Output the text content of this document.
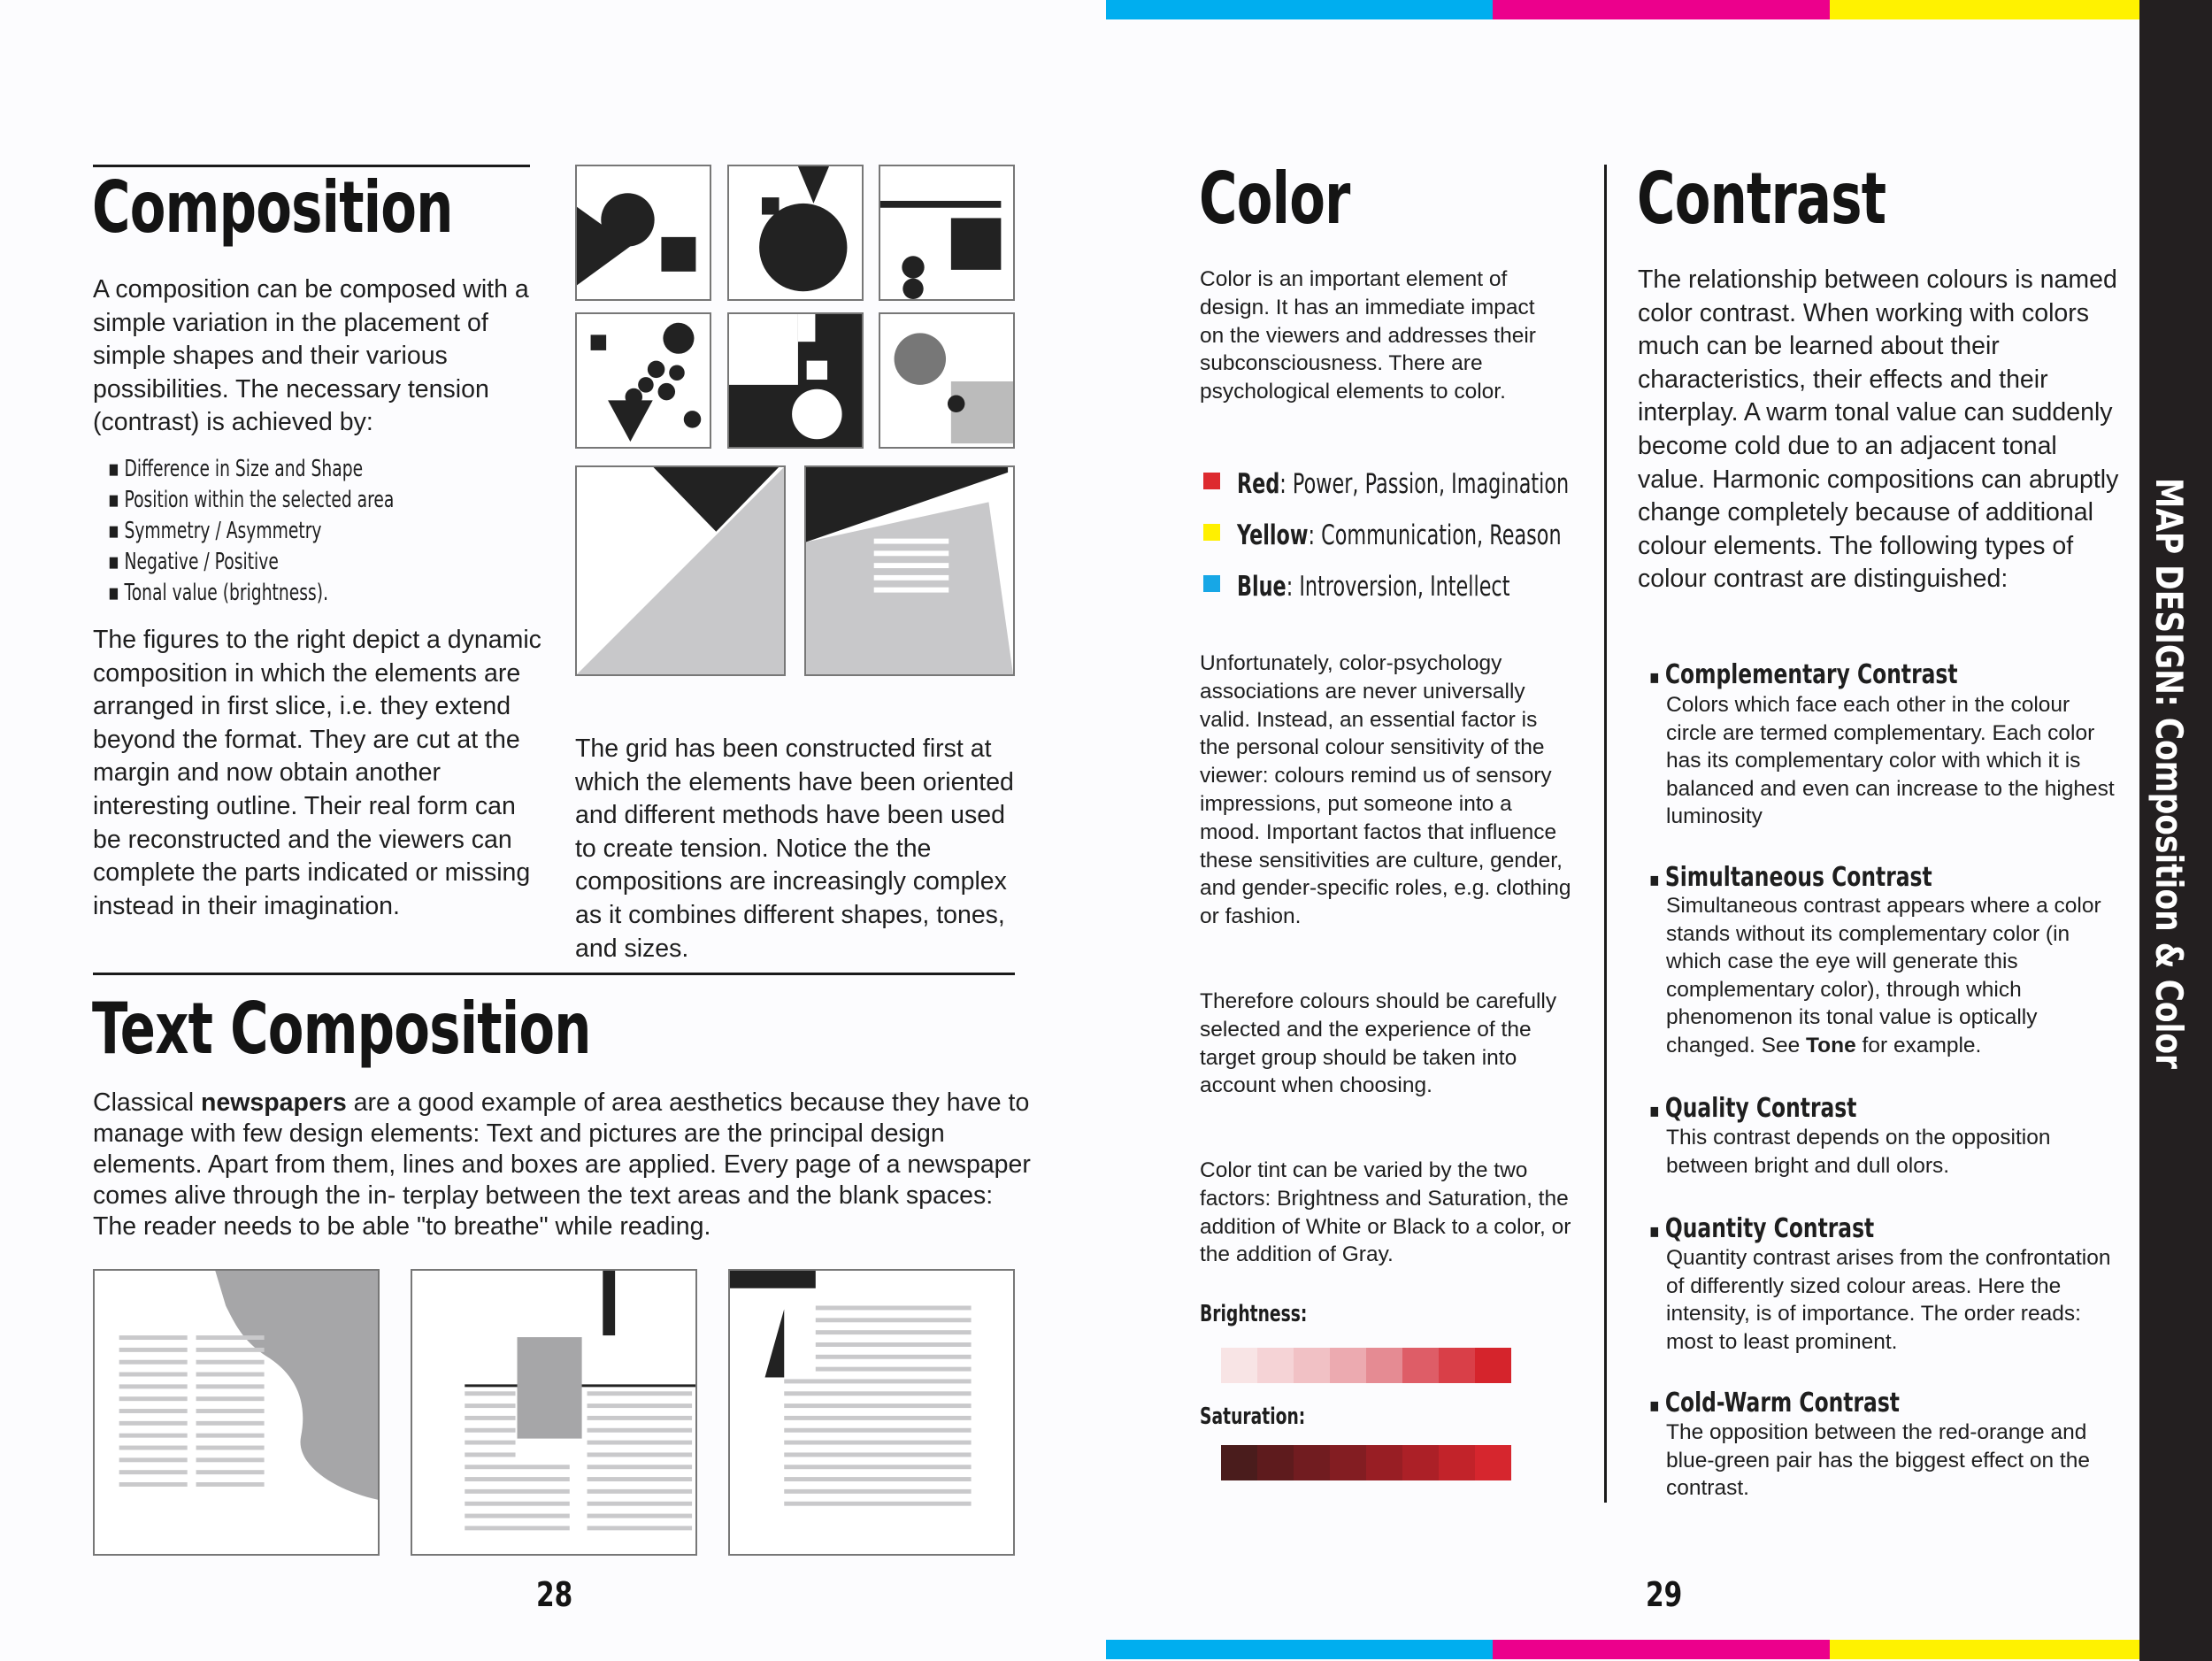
MAP DESIGN: Composition & Color
Composition
A composition can be composed with a simple variation in the placement of simple shapes and their various possibilities. The necessary tension (contrast) is achieved by:
▪ Difference in Size and Shape
▪ Position within the selected area
▪ Symmetry / Asymmetry
▪ Negative / Positive
▪ Tonal value (brightness).
The figures to the right depict a dynamic composition in which the elements are arranged in first slice, i.e. they extend beyond the format. They are cut at the margin and now obtain another interesting outline. Their real form can be reconstructed and the viewers can complete the parts indicated or missing instead in their imagination.
The grid has been constructed first at which the elements have been oriented and different methods have been used to create tension. Notice the the compositions are increasingly complex as it combines different shapes, tones, and sizes.
Text Composition
Classical newspapers are a good example of area aesthetics because they have to manage with few design elements: Text and pictures are the principal design elements. Apart from them, lines and boxes are applied. Every page of a newspaper comes alive through the in- terplay between the text areas and the blank spaces: The reader needs to be able "to breathe" while reading.
28
Color
Color is an important element of design. It has an immediate impact on the viewers and addresses their subconsciousness. There are psychological elements to color.
Red: Power, Passion, Imagination
Yellow: Communication, Reason
Blue: Introversion, Intellect
Unfortunately, color-psychology associations are never universally valid. Instead, an essential factor is the personal colour sensitivity of the viewer: colours remind us of sensory impressions, put someone into a mood. Important factos that influence these sensitivities are culture, gender, and gender-specific roles, e.g. clothing or fashion.
Therefore colours should be carefully selected and the experience of the target group should be taken into account when choosing.
Color tint can be varied by the two factors: Brightness and Saturation, the addition of White or Black to a color, or the addition of Gray.
Brightness:
Saturation:
Contrast
The relationship between colours is named color contrast. When working with colors much can be learned about their characteristics, their effects and their interplay. A warm tonal value can suddenly become cold due to an adjacent tonal value. Harmonic compositions can abruptly change completely because of additional colour elements. The following types of colour contrast are distinguished:
▪ Complementary Contrast
Colors which face each other in the colour circle are termed complementary. Each color has its complementary color with which it is balanced and even can increase to the highest luminosity
▪ Simultaneous Contrast
Simultaneous contrast appears where a color stands without its complementary color (in which case the eye will generate this complementary color), through which phenomenon its tonal value is optically changed. See Tone for example.
▪ Quality Contrast
This contrast depends on the opposition between bright and dull olors.
▪ Quantity Contrast
Quantity contrast arises from the confrontation of differently sized colour areas. Here the intensity, is of importance. The order reads: most to least prominent.
▪ Cold-Warm Contrast
The opposition between the red-orange and blue-green pair has the biggest effect on the contrast.
29
